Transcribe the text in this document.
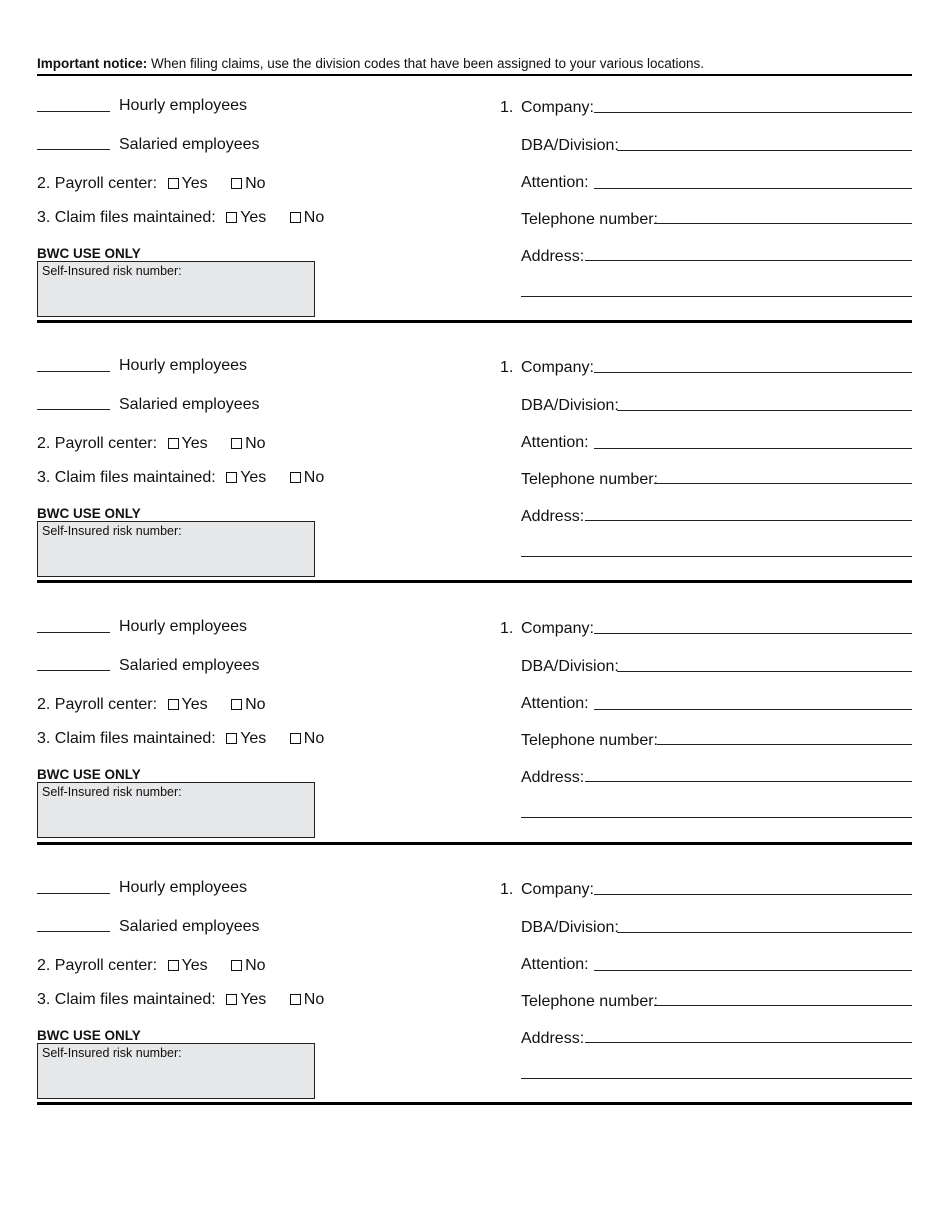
Important notice: When filing claims, use the division codes that have been assigned to your various locations.
Hourly employees
Salaried employees
2. Payroll center: Yes No
3. Claim files maintained: Yes No
BWC USE ONLY
Self-Insured risk number:
1. Company:
DBA/Division:
Attention:
Telephone number:
Address:
Hourly employees
Salaried employees
2. Payroll center: Yes No
3. Claim files maintained: Yes No
BWC USE ONLY
Self-Insured risk number:
1. Company:
DBA/Division:
Attention:
Telephone number:
Address:
Hourly employees
Salaried employees
2. Payroll center: Yes No
3. Claim files maintained: Yes No
BWC USE ONLY
Self-Insured risk number:
1. Company:
DBA/Division:
Attention:
Telephone number:
Address:
Hourly employees
Salaried employees
2. Payroll center: Yes No
3. Claim files maintained: Yes No
BWC USE ONLY
Self-Insured risk number:
1. Company:
DBA/Division:
Attention:
Telephone number:
Address:
